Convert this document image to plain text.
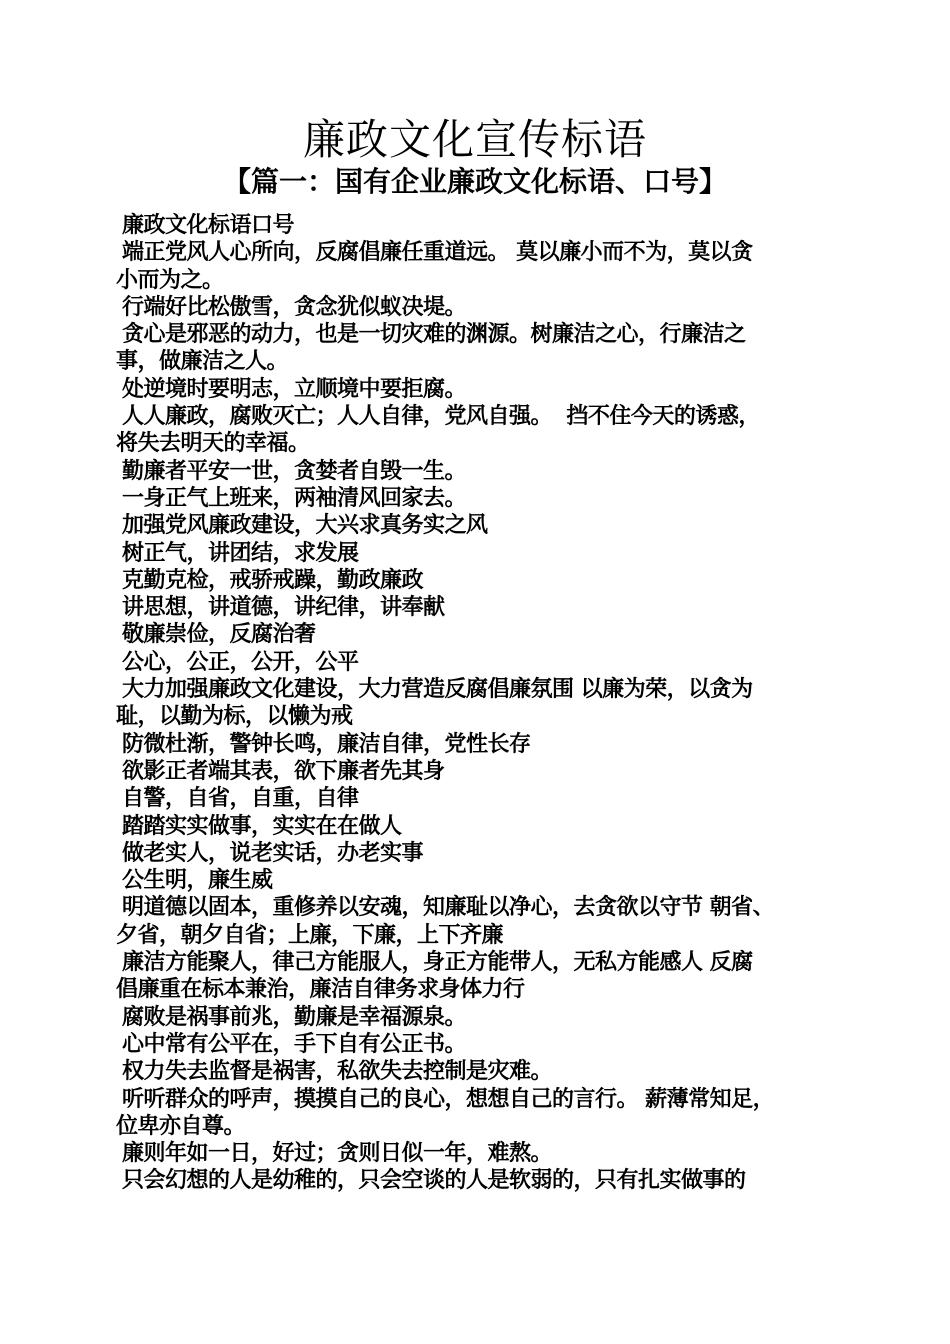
廉政文化宣传标语
【篇一：国有企业廉政文化标语、口号】
廉政文化标语口号
端正党风人心所向，反腐倡廉任重道远。 莫以廉小而不为，莫以贪
小而为之。
行端好比松傲雪，贪念犹似蚁决堤。
贪心是邪恶的动力，也是一切灾难的渊源。树廉洁之心，行廉洁之
事，做廉洁之人。
处逆境时要明志，立顺境中要拒腐。
人人廉政，腐败灭亡；人人自律，党风自强。  挡不住今天的诱惑，
将失去明天的幸福。
勤廉者平安一世，贪婪者自毁一生。
一身正气上班来，两袖清风回家去。
加强党风廉政建设，大兴求真务实之风
树正气，讲团结，求发展
克勤克检，戒骄戒躁，勤政廉政
讲思想，讲道德，讲纪律，讲奉献
敬廉崇俭，反腐治奢
公心，公正，公开，公平
大力加强廉政文化建设，大力营造反腐倡廉氛围 以廉为荣，以贪为
耻，以勤为标，以懒为戒
防微杜渐，警钟长鸣，廉洁自律，党性长存
欲影正者端其表，欲下廉者先其身
自警，自省，自重，自律
踏踏实实做事，实实在在做人
做老实人，说老实话，办老实事
公生明，廉生威
明道德以固本，重修养以安魂，知廉耻以净心，去贪欲以守节 朝省、
夕省，朝夕自省；上廉，下廉，上下齐廉
廉洁方能聚人，律己方能服人，身正方能带人，无私方能感人 反腐
倡廉重在标本兼治，廉洁自律务求身体力行
腐败是祸事前兆，勤廉是幸福源泉。
心中常有公平在，手下自有公正书。
权力失去监督是祸害，私欲失去控制是灾难。
听听群众的呼声，摸摸自己的良心，想想自己的言行。 薪薄常知足，
位卑亦自尊。
廉则年如一日，好过；贪则日似一年，难熬。
只会幻想的人是幼稚的，只会空谈的人是软弱的，只有扎实做事的
